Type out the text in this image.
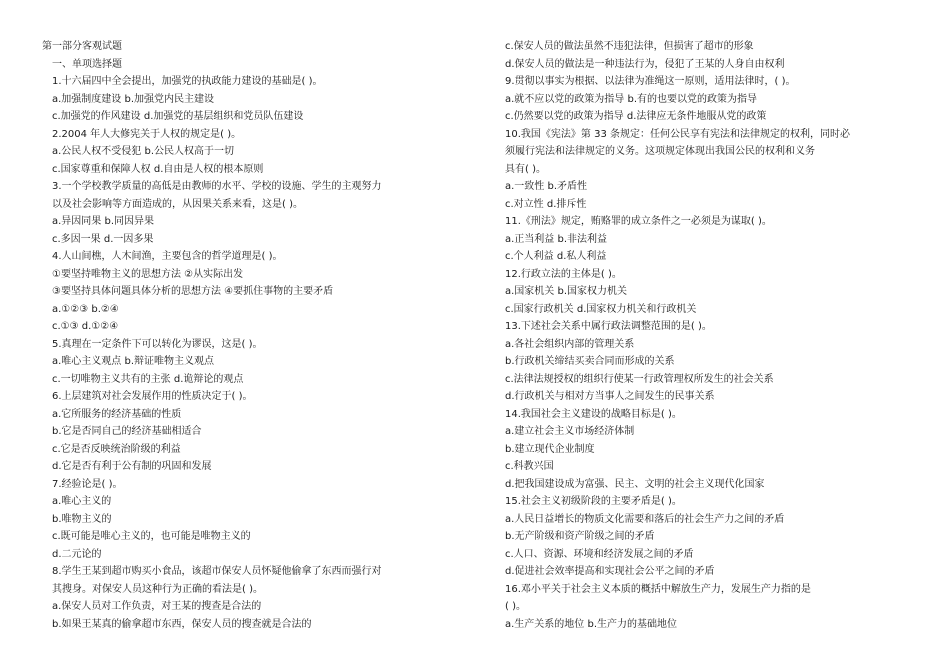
第一部分客观试题
一、单项选择题
1.十六届四中全会提出，加强党的执政能力建设的基础是( )。
a.加强制度建设 b.加强党内民主建设
c.加强党的作风建设 d.加强党的基层组织和党员队伍建设
2.2004 年人大修宪关于人权的规定是( )。
a.公民人权不受侵犯 b.公民人权高于一切
c.国家尊重和保障人权 d.自由是人权的根本原则
3.一个学校教学质量的高低是由教师的水平、学校的设施、学生的主观努力
以及社会影响等方面造成的，从因果关系来看，这是( )。
a.异因同果 b.同因异果
c.多因一果 d.一因多果
4.人山间樵，人木间渔，主要包含的哲学道理是( )。
①要坚持唯物主义的思想方法 ②从实际出发
③要坚持具体问题具体分析的思想方法 ④要抓住事物的主要矛盾
a.①②③ b.②④
c.①③ d.①②④
5.真理在一定条件下可以转化为谬误，这是( )。
a.唯心主义观点 b.辩证唯物主义观点
c.一切唯物主义共有的主张 d.诡辩论的观点
6.上层建筑对社会发展作用的性质决定于( )。
a.它所服务的经济基础的性质
b.它是否同自己的经济基础相适合
c.它是否反映统治阶级的利益
d.它是否有利于公有制的巩固和发展
7.经验论是( )。
a.唯心主义的
b.唯物主义的
c.既可能是唯心主义的，也可能是唯物主义的
d.二元论的
8.学生王某到超市购买小食品，该超市保安人员怀疑他偷拿了东西而强行对
其搜身。对保安人员这种行为正确的看法是( )。
a.保安人员对工作负责，对王某的搜查是合法的
b.如果王某真的偷拿超市东西，保安人员的搜查就是合法的
c.保安人员的做法虽然不违犯法律，但损害了超市的形象
d.保安人员的做法是一种违法行为，侵犯了王某的人身自由权利
9.贯彻以事实为根据、以法律为准绳这一原则，适用法律时，( )。
a.就不应以党的政策为指导 b.有的也要以党的政策为指导
c.仍然要以党的政策为指导 d.法律应无条件地服从党的政策
10.我国《宪法》第 33 条规定：任何公民享有宪法和法律规定的权利，同时必
须履行宪法和法律规定的义务。这项规定体现出我国公民的权利和义务
具有( )。
a.一致性 b.矛盾性
c.对立性 d.排斥性
11.《刑法》规定，贿赂罪的成立条件之一必须是为谋取( )。
a.正当利益 b.非法利益
c.个人利益 d.私人利益
12.行政立法的主体是( )。
a.国家机关 b.国家权力机关
c.国家行政机关 d.国家权力机关和行政机关
13.下述社会关系中属行政法调整范围的是( )。
a.各社会组织内部的管理关系
b.行政机关缔结买卖合同而形成的关系
c.法律法规授权的组织行使某一行政管理权所发生的社会关系
d.行政机关与相对方当事人之间发生的民事关系
14.我国社会主义建设的战略目标是( )。
a.建立社会主义市场经济体制
b.建立现代企业制度
c.科教兴国
d.把我国建设成为富强、民主、文明的社会主义现代化国家
15.社会主义初级阶段的主要矛盾是( )。
a.人民日益增长的物质文化需要和落后的社会生产力之间的矛盾
b.无产阶级和资产阶级之间的矛盾
c.人口、资源、环境和经济发展之间的矛盾
d.促进社会效率提高和实现社会公平之间的矛盾
16.邓小平关于社会主义本质的概括中解放生产力，发展生产力指的是
( )。
a.生产关系的地位 b.生产力的基础地位
